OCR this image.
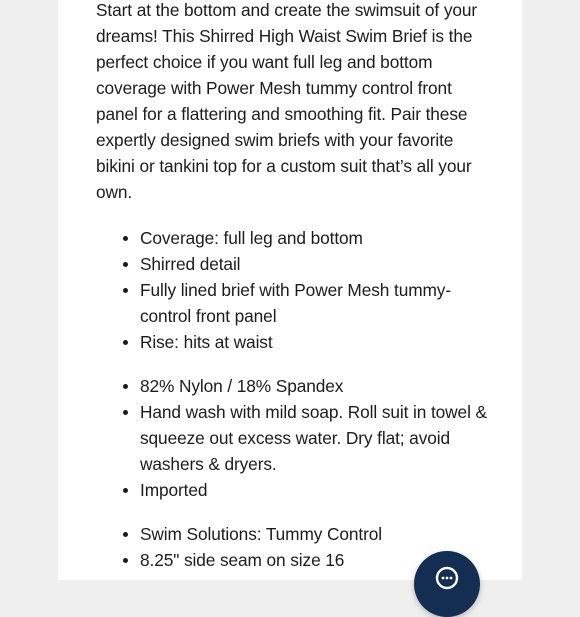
Start at the bottom and create the swimsuit of your dreams! This Shirred High Waist Swim Brief is the perfect choice if you want full leg and bottom coverage with Power Mesh tummy control front panel for a flattering and smoothing fit. Pair these expertly designed swim briefs with your favorite bikini or tankini top for a custom suit that’s all your own.

• Coverage: full leg and bottom
• Shirred detail
• Fully lined brief with Power Mesh tummy-control front panel
• Rise: hits at waist
• 82% Nylon / 18% Spandex
• Hand wash with mild soap. Roll suit in towel & squeeze out excess water. Dry flat; avoid washers & dryers.
• Imported
• Swim Solutions: Tummy Control
• 8.25" side seam on size 16
